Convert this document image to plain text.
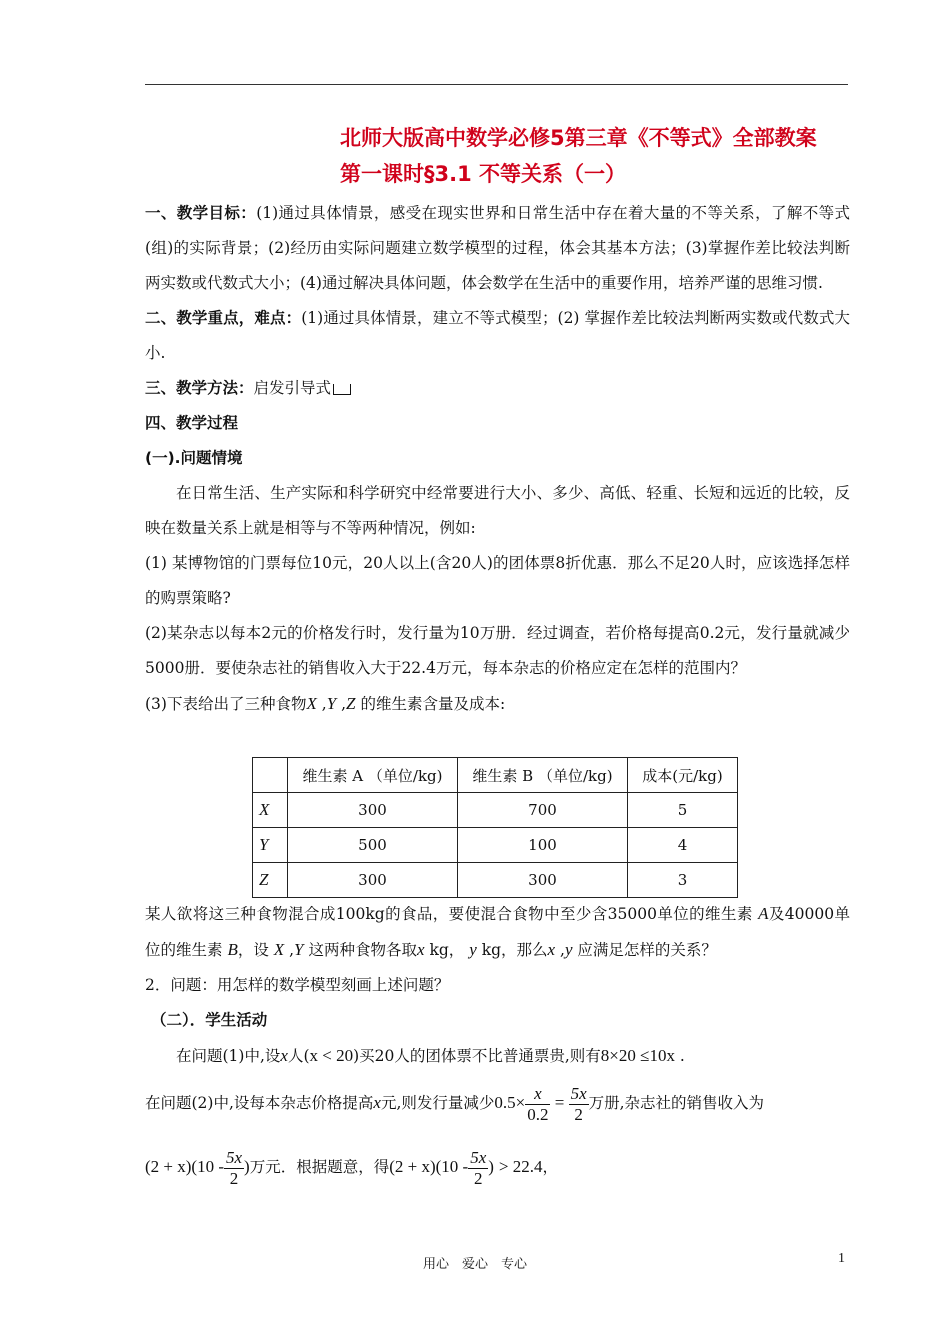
北师大版高中数学必修5第三章《不等式》全部教案
第一课时§3.1 不等关系（一）

一、教学目标：(1)通过具体情景，感受在现实世界和日常生活中存在着大量的不等关系，了解不等式(组)的实际背景；(2)经历由实际问题建立数学模型的过程，体会其基本方法；(3)掌握作差比较法判断两实数或代数式大小；(4)通过解决具体问题，体会数学在生活中的重要作用，培养严谨的思维习惯.

二、教学重点，难点：(1)通过具体情景，建立不等式模型；(2) 掌握作差比较法判断两实数或代数式大小.

三、教学方法：启发引导式

四、教学过程

(一).问题情境

在日常生活、生产实际和科学研究中经常要进行大小、多少、高低、轻重、长短和远近的比较，反映在数量关系上就是相等与不等两种情况，例如:

(1) 某博物馆的门票每位10元，20人以上(含20人)的团体票8折优惠．那么不足20人时，应该选择怎样的购票策略?

(2)某杂志以每本2元的价格发行时，发行量为10万册．经过调查，若价格每提高0.2元，发行量就减少5000册．要使杂志社的销售收入大于22.4万元，每本杂志的价格应定在怎样的范围内？

(3)下表给出了三种食物X ,Y ,Z 的维生素含量及成本:

	维生素 A （单位/kg)	维生素 B （单位/kg)	成本(元/kg)
X	300	700	5
Y	500	100	4
Z	300	300	3

某人欲将这三种食物混合成100kg的食品，要使混合食物中至少含35000单位的维生素 A及40000单位的维生素 B，设 X ,Y 这两种食物各取x kg， y kg，那么x ,y 应满足怎样的关系？

2．问题：用怎样的数学模型刻画上述问题？

（二）．学生活动

在问题(1)中,设x人(x < 20)买20人的团体票不比普通票贵,则有8×20 ≤10x .

在问题(2)中,设每本杂志价格提高x元,则发行量减少$0.5\times \frac{x}{0.2} = \frac{5x}{2}$ 万册,杂志社的销售收入为

$(2 + x)(10 - \frac{5x}{2}$ )万元．根据题意，得$(2 + x)(10 - \frac{5x}{2}$ ) > 22.4，

用心　爱心　专心	1
